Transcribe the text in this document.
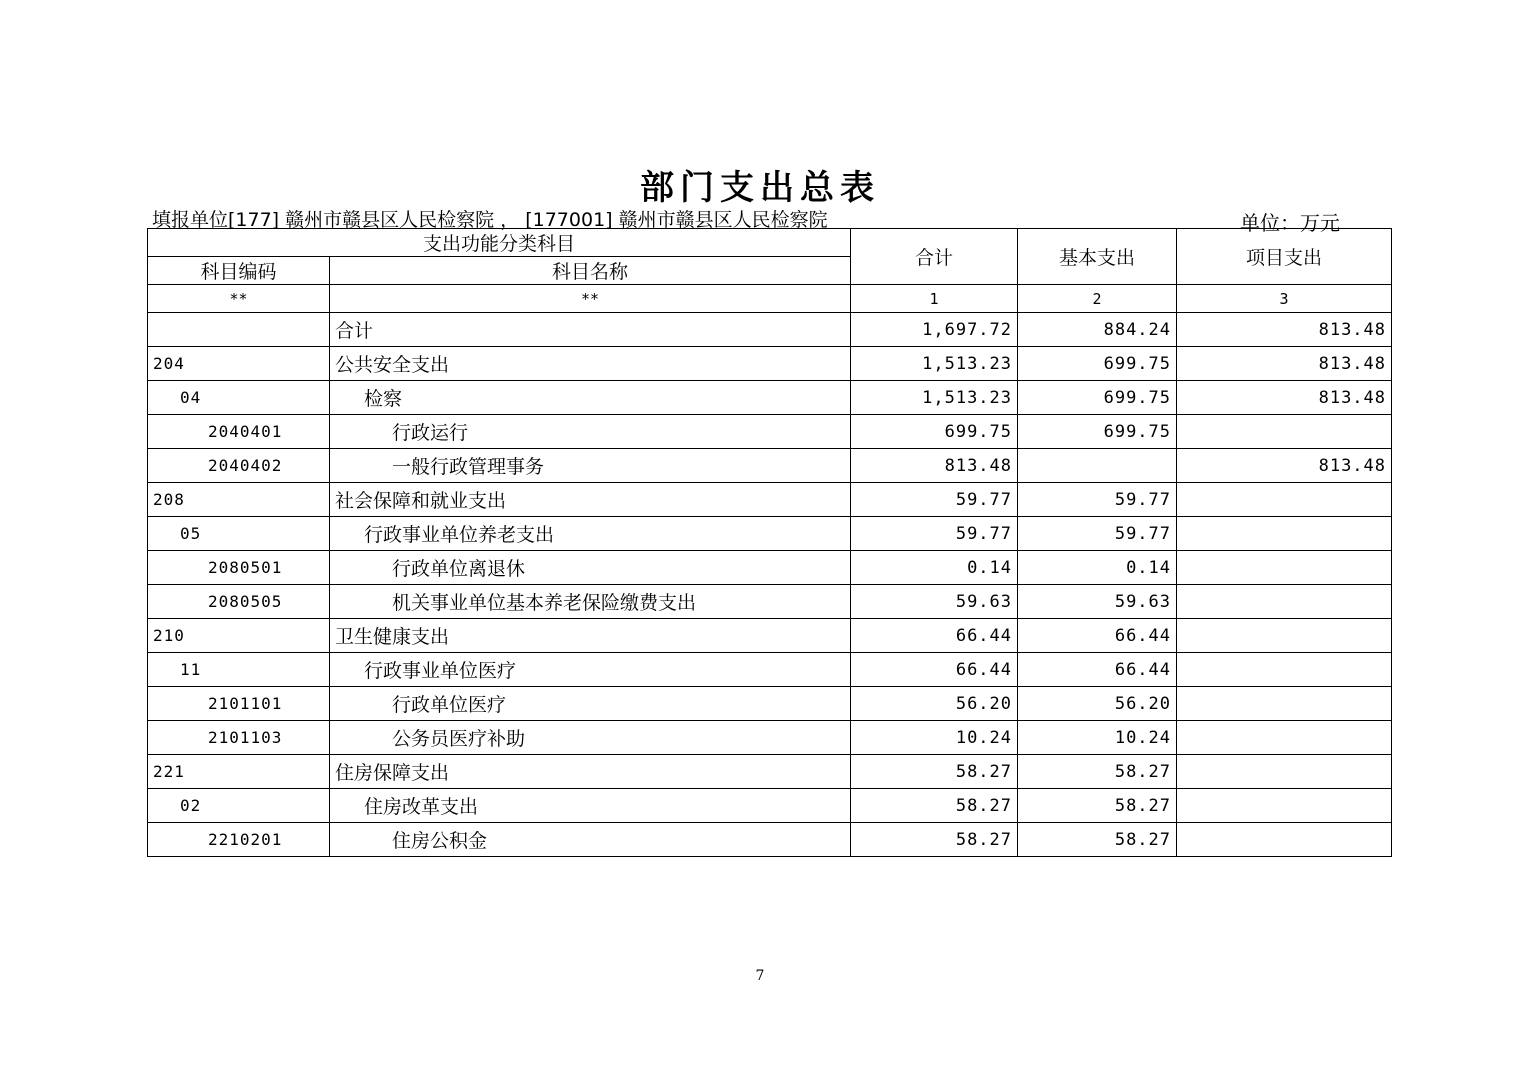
部门支出总表
填报单位[177] 赣州市赣县区人民检察院 ， [177001] 赣州市赣县区人民检察院	单位：万元
支出功能分类科目		合计	基本支出	项目支出
科目编码	科目名称			
**	**	1	2	3
	合计	1,697.72	884.24	813.48
204	公共安全支出	1,513.23	699.75	813.48
04	检察	1,513.23	699.75	813.48
2040401	行政运行	699.75	699.75	
2040402	一般行政管理事务	813.48		813.48
208	社会保障和就业支出	59.77	59.77	
05	行政事业单位养老支出	59.77	59.77	
2080501	行政单位离退休	0.14	0.14	
2080505	机关事业单位基本养老保险缴费支出	59.63	59.63	
210	卫生健康支出	66.44	66.44	
11	行政事业单位医疗	66.44	66.44	
2101101	行政单位医疗	56.20	56.20	
2101103	公务员医疗补助	10.24	10.24	
221	住房保障支出	58.27	58.27	
02	住房改革支出	58.27	58.27	
2210201	住房公积金	58.27	58.27	
7
